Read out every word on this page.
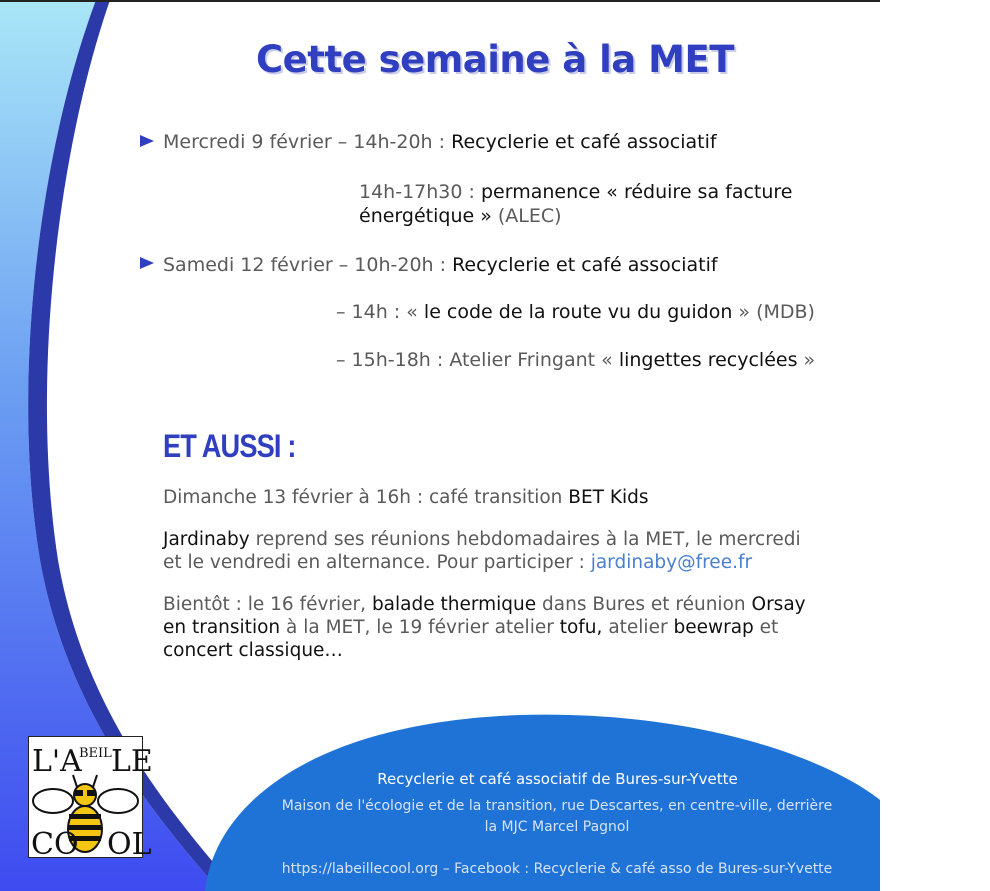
Cette semaine à la MET
Mercredi 9 février – 14h-20h : Recyclerie et café associatif
14h-17h30 : permanence « réduire sa facture
énergétique » (ALEC)
Samedi 12 février – 10h-20h : Recyclerie et café associatif
– 14h : « le code de la route vu du guidon » (MDB)
– 15h-18h : Atelier Fringant « lingettes recyclées »
ET AUSSI :
Dimanche 13 février à 16h : café transition BET Kids
Jardinaby reprend ses réunions hebdomadaires à la MET, le mercredi
et le vendredi en alternance. Pour participer : jardinaby@free.fr
Bientôt : le 16 février, balade thermique dans Bures et réunion Orsay
en transition à la MET, le 19 février atelier tofu, atelier beewrap et
concert classique…
L'A
BEIL LE
CO OL
Recyclerie et café associatif de Bures-sur-Yvette
Maison de l'écologie et de la transition, rue Descartes, en centre-ville, derrière
la MJC Marcel Pagnol
https://labeillecool.org – Facebook : Recyclerie & café asso de Bures-sur-Yvette
